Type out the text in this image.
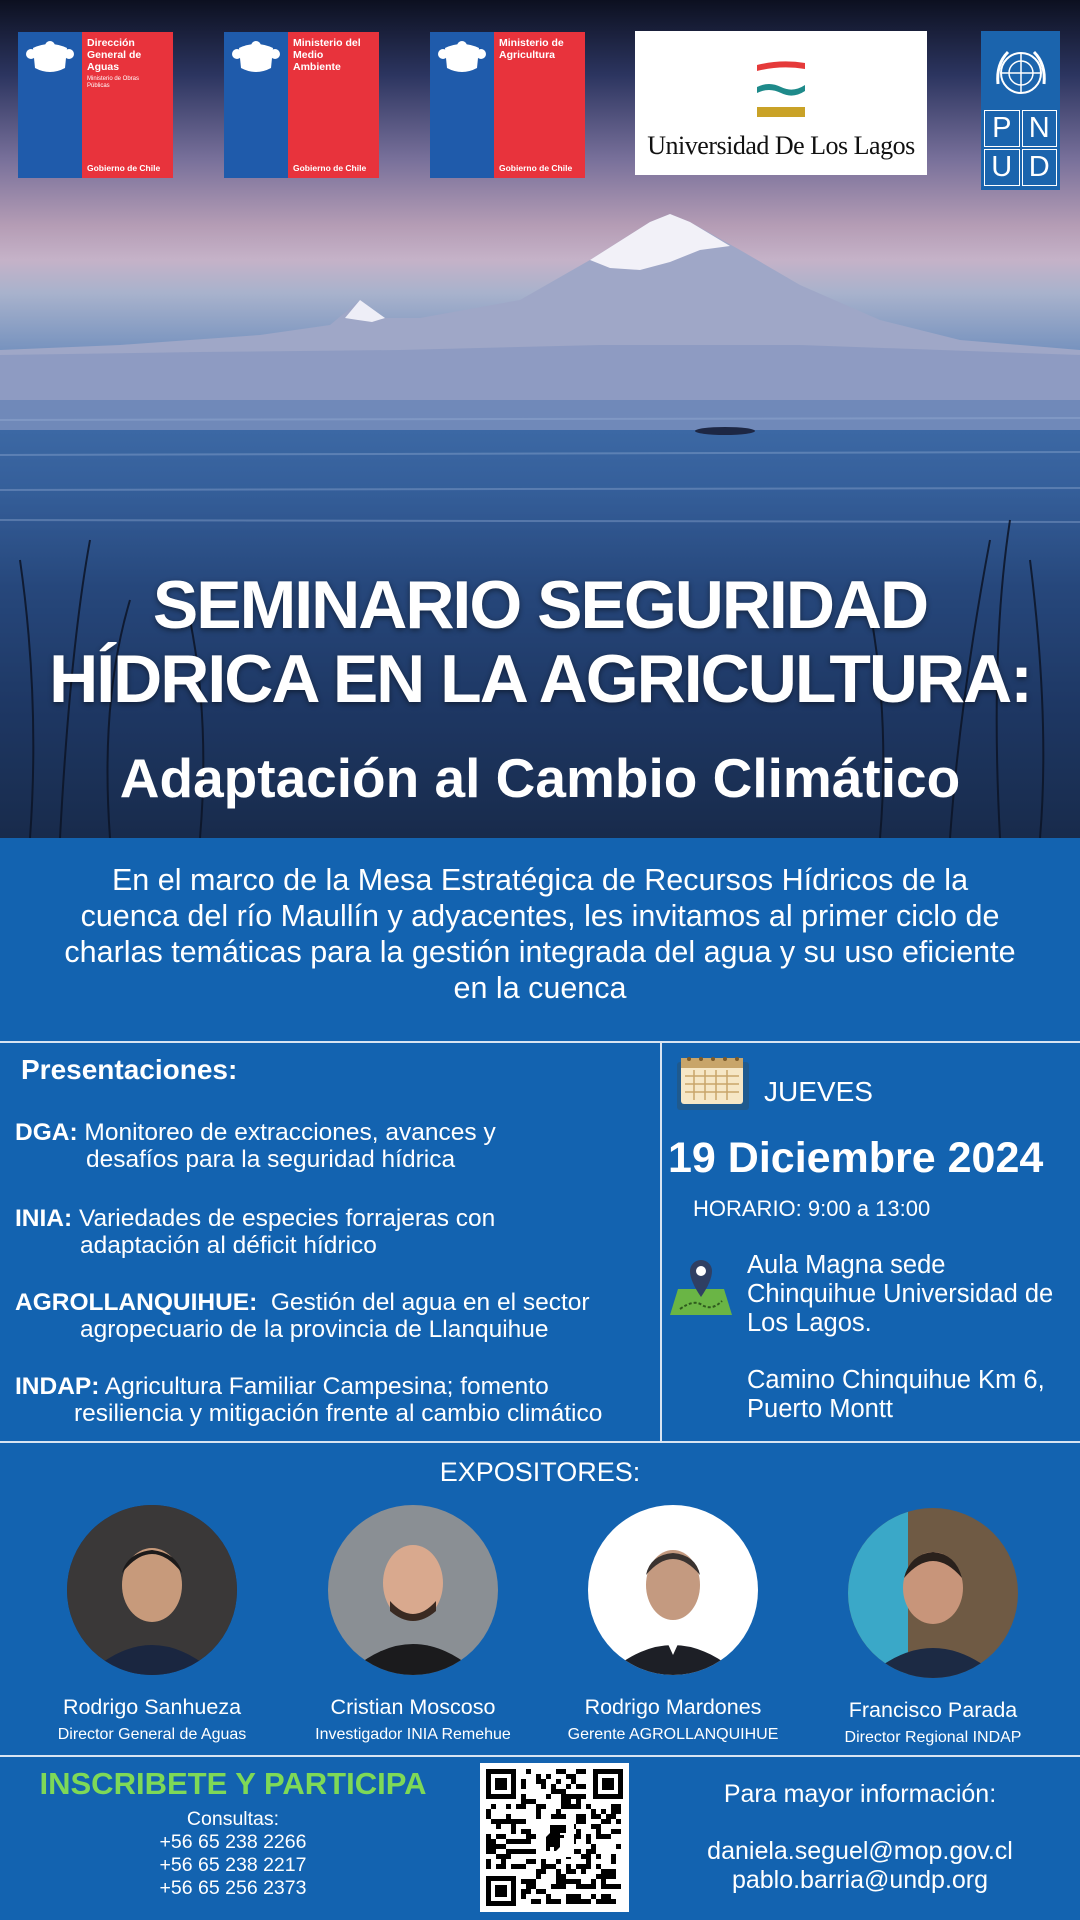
Dirección
General de
Aguas
Ministerio de Obras
Públicas
Gobierno de Chile
Ministerio del
Medio
Ambiente
Gobierno de Chile
Ministerio de
Agricultura
Gobierno de Chile
Universidad De Los Lagos
P N
U D
SEMINARIO SEGURIDAD
HÍDRICA EN LA AGRICULTURA:
Adaptación al Cambio Climático

En el marco de la Mesa Estratégica de Recursos Hídricos de la cuenca del río Maullín y adyacentes, les invitamos al primer ciclo de charlas temáticas para la gestión integrada del agua y su uso eficiente en la cuenca

Presentaciones:
DGA: Monitoreo de extracciones, avances y
desafíos para la seguridad hídrica
INIA: Variedades de especies forrajeras con
adaptación al déficit hídrico
AGROLLANQUIHUE:  Gestión del agua en el sector
agropecuario de la provincia de Llanquihue
INDAP: Agricultura Familiar Campesina; fomento
resiliencia y mitigación frente al cambio climático
JUEVES
19 Diciembre 2024
HORARIO: 9:00 a 13:00
Aula Magna sede Chinquihue Universidad de Los Lagos.
Camino Chinquihue Km 6, Puerto Montt
EXPOSITORES:
Rodrigo Sanhueza
Director General de Aguas
Cristian Moscoso
Investigador INIA Remehue
Rodrigo Mardones
Gerente AGROLLANQUIHUE
Francisco Parada
Director Regional INDAP
INSCRIBETE Y PARTICIPA
Consultas:
+56 65 238 2266
+56 65 238 2217
+56 65 256 2373
Para mayor información:
daniela.seguel@mop.gov.cl
pablo.barria@undp.org
